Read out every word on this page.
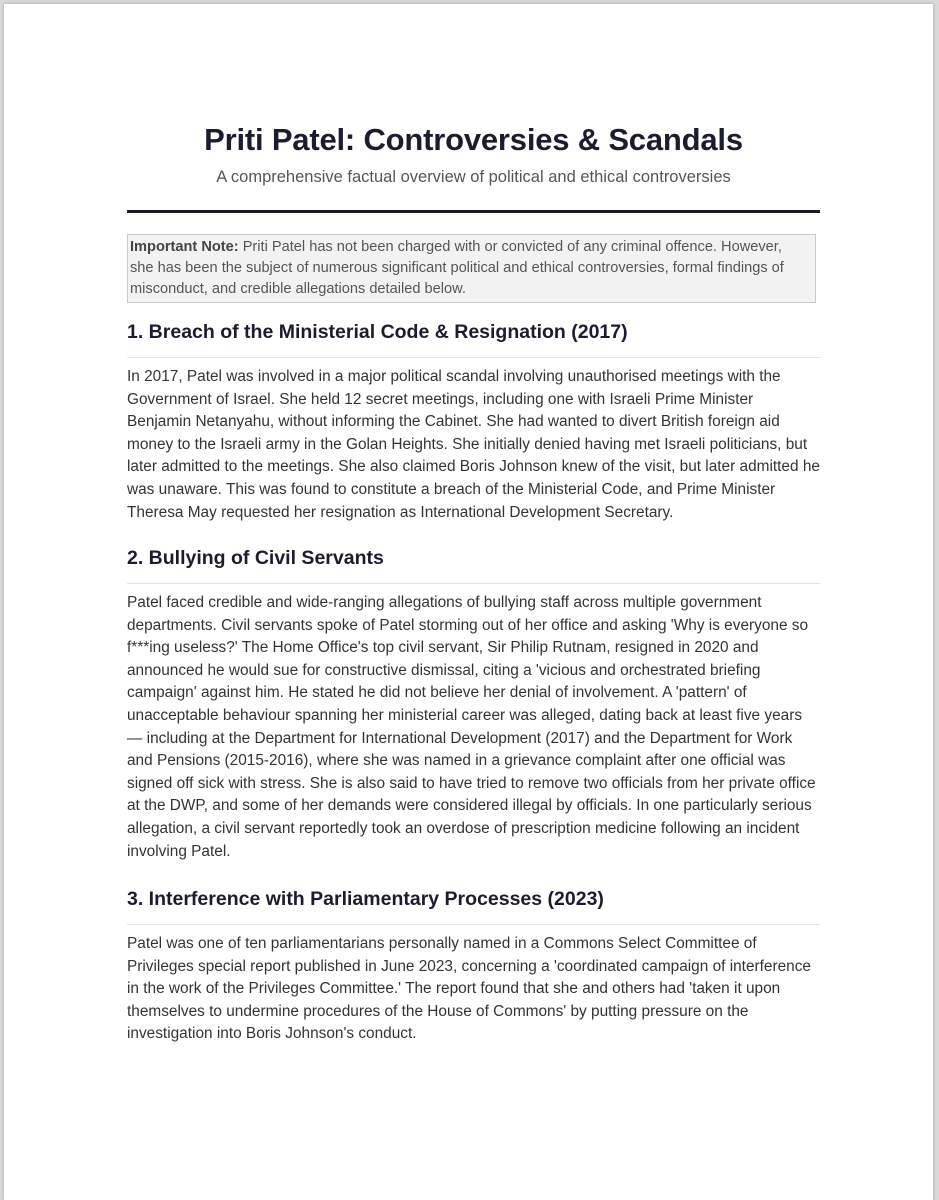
Priti Patel: Controversies & Scandals
A comprehensive factual overview of political and ethical controversies
Important Note: Priti Patel has not been charged with or convicted of any criminal offence. However, she has been the subject of numerous significant political and ethical controversies, formal findings of misconduct, and credible allegations detailed below.
1. Breach of the Ministerial Code & Resignation (2017)

In 2017, Patel was involved in a major political scandal involving unauthorised meetings with the Government of Israel. She held 12 secret meetings, including one with Israeli Prime Minister Benjamin Netanyahu, without informing the Cabinet. She had wanted to divert British foreign aid money to the Israeli army in the Golan Heights. She initially denied having met Israeli politicians, but later admitted to the meetings. She also claimed Boris Johnson knew of the visit, but later admitted he was unaware. This was found to constitute a breach of the Ministerial Code, and Prime Minister Theresa May requested her resignation as International Development Secretary.

2. Bullying of Civil Servants

Patel faced credible and wide-ranging allegations of bullying staff across multiple government departments. Civil servants spoke of Patel storming out of her office and asking 'Why is everyone so f***ing useless?' The Home Office's top civil servant, Sir Philip Rutnam, resigned in 2020 and announced he would sue for constructive dismissal, citing a 'vicious and orchestrated briefing campaign' against him. He stated he did not believe her denial of involvement. A 'pattern' of unacceptable behaviour spanning her ministerial career was alleged, dating back at least five years — including at the Department for International Development (2017) and the Department for Work and Pensions (2015-2016), where she was named in a grievance complaint after one official was signed off sick with stress. She is also said to have tried to remove two officials from her private office at the DWP, and some of her demands were considered illegal by officials. In one particularly serious allegation, a civil servant reportedly took an overdose of prescription medicine following an incident involving Patel.

3. Interference with Parliamentary Processes (2023)

Patel was one of ten parliamentarians personally named in a Commons Select Committee of Privileges special report published in June 2023, concerning a 'coordinated campaign of interference in the work of the Privileges Committee.' The report found that she and others had 'taken it upon themselves to undermine procedures of the House of Commons' by putting pressure on the investigation into Boris Johnson's conduct.
